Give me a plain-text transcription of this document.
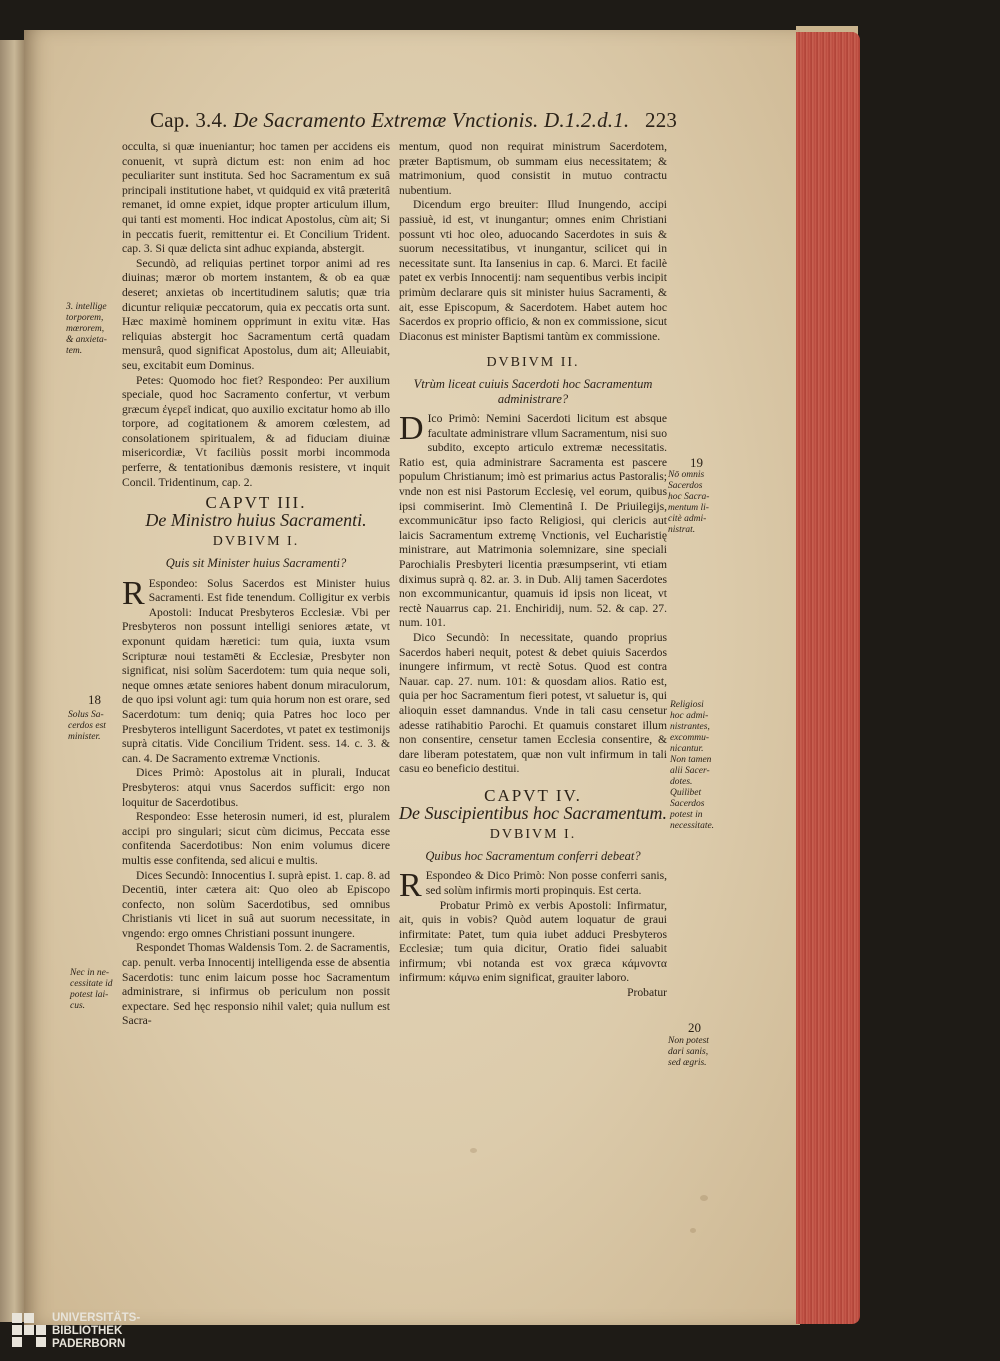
Cap. 3.4. De Sacramento Extremæ Vnctionis. D.1.2.d.1. 223

occulta, si quæ inueniantur; hoc tamen per accidens eis conuenit, vt suprà dictum est: non enim ad hoc peculiariter sunt instituta. Sed hoc Sacramentum ex suâ principali institutione habet, vt quidquid ex vitâ præteritâ remanet, id omne expiet, idque propter articulum illum, qui tanti est momenti. Hoc indicat Apostolus, cùm ait; Si in peccatis fuerit, remittentur ei. Et Concilium Trident. cap. 3. Si quæ delicta sint adhuc expianda, abstergit.

Secundò, ad reliquias pertinet torpor animi ad res diuinas; mæror ob mortem instantem, & ob ea quæ deseret; anxietas ob incertitudinem salutis; quæ tria dicuntur reliquiæ peccatorum, quia ex peccatis orta sunt. Hæc maximè hominem opprimunt in exitu vitæ. Has reliquias abstergit hoc Sacramentum certâ quadam mensurâ, quod significat Apostolus, dum ait; Alleuiabit, seu, excitabit eum Dominus.

Petes: Quomodo hoc fiet? Respondeo: Per auxilium speciale, quod hoc Sacramento confertur, vt verbum græcum ἐγερεῖ indicat, quo auxilio excitatur homo ab illo torpore, ad cogitationem & amorem cœlestem, ad consolationem spiritualem, & ad fiduciam diuinæ misericordiæ, Vt faciliùs possit morbi incommoda perferre, & tentationibus dæmonis resistere, vt inquit Concil. Tridentinum, cap. 2.

CAPVT III.
De Ministro huius Sacramenti.
DVBIVM I.
Quis sit Minister huius Sacramenti?

R Espondeo: Solus Sacerdos est Minister huius Sacramenti. Est fide tenendum. Colligitur ex verbis Apostoli: Inducat Presbyteros Ecclesiæ. Vbi per Presbyteros non possunt intelligi seniores ætate, vt exponunt quidam hæretici: tum quia, iuxta vsum Scripturæ noui testamēti & Ecclesiæ, Presbyter non significat, nisi solùm Sacerdotem: tum quia neque soli, neque omnes ætate seniores habent donum miraculorum, de quo ipsi volunt agi: tum quia horum non est orare, sed Sacerdotum: tum deniq; quia Patres hoc loco per Presbyteros intelligunt Sacerdotes, vt patet ex testimonijs suprà citatis. Vide Concilium Trident. sess. 14. c. 3. & can. 4. De Sacramento extremæ Vnctionis.

Dices Primò: Apostolus ait in plurali, Inducat Presbyteros: atqui vnus Sacerdos sufficit: ergo non loquitur de Sacerdotibus.

Respondeo: Esse heterosin numeri, id est, pluralem accipi pro singulari; sicut cùm dicimus, Peccata esse confitenda Sacerdotibus: Non enim volumus dicere multis esse confitenda, sed alicui e multis.

Dices Secundò: Innocentius I. suprà epist. 1. cap. 8. ad Decentiū, inter cætera ait: Quo oleo ab Episcopo confecto, non solùm Sacerdotibus, sed omnibus Christianis vti licet in suâ aut suorum necessitate, in vngendo: ergo omnes Christiani possunt inungere.

Respondet Thomas Waldensis Tom. 2. de Sacramentis, cap. penult. verba Innocentij intelligenda esse de absentia Sacerdotis: tunc enim laicum posse hoc Sacramentum administrare, si infirmus ob periculum non possit expectare. Sed hęc responsio nihil valet; quia nullum est Sacra-

mentum, quod non requirat ministrum Sacerdotem, præter Baptismum, ob summam eius necessitatem; & matrimonium, quod consistit in mutuo contractu nubentium.

Dicendum ergo breuiter: Illud Inungendo, accipi passiuè, id est, vt inungantur; omnes enim Christiani possunt vti hoc oleo, aduocando Sacerdotes in suis & suorum necessitatibus, vt inungantur, scilicet qui in necessitate sunt. Ita Iansenius in cap. 6. Marci. Et facilè patet ex verbis Innocentij: nam sequentibus verbis incipit primùm declarare quis sit minister huius Sacramenti, & ait, esse Episcopum, & Sacerdotem. Habet autem hoc Sacerdos ex proprio officio, & non ex commissione, sicut Diaconus est minister Baptismi tantùm ex commissione.

DVBIVM II.
Vtrùm liceat cuiuis Sacerdoti hoc Sacramentum administrare?

D Ico Primò: Nemini Sacerdoti licitum est absque facultate administrare vllum Sacramentum, nisi suo subdito, excepto articulo extremæ necessitatis. Ratio est, quia administrare Sacramenta est pascere populum Christianum; imò est primarius actus Pastoralis; vnde non est nisi Pastorum Ecclesię, vel eorum, quibus ipsi commiserint. Imò Clementinâ I. De Priuilegijs, excommunicātur ipso facto Religiosi, qui clericis aut laicis Sacramentum extremę Vnctionis, vel Eucharistię ministrare, aut Matrimonia solemnizare, sine speciali Parochialis Presbyteri licentia præsumpserint, vti etiam diximus suprà q. 82. ar. 3. in Dub. Alij tamen Sacerdotes non excommunicantur, quamuis id ipsis non liceat, vt rectè Nauarrus cap. 21. Enchiridij, num. 52. & cap. 27. num. 101.

Dico Secundò: In necessitate, quando proprius Sacerdos haberi nequit, potest & debet quiuis Sacerdos inungere infirmum, vt rectè Sotus. Quod est contra Nauar. cap. 27. num. 101: & quosdam alios. Ratio est, quia per hoc Sacramentum fieri potest, vt saluetur is, qui alioquin esset damnandus. Vnde in tali casu censetur adesse ratihabitio Parochi. Et quamuis constaret illum non consentire, censetur tamen Ecclesia consentire, & dare liberam potestatem, quæ non vult infirmum in tali casu eo beneficio destitui.

CAPVT IV.
De Suscipientibus hoc Sacramentum.
DVBIVM I.
Quibus hoc Sacramentum conferri debeat?

R Espondeo & Dico Primò: Non posse conferri sanis, sed solùm infirmis morti propinquis. Est certa.

Probatur Primò ex verbis Apostoli: Infirmatur, ait, quis in vobis? Quòd autem loquatur de graui infirmitate: Patet, tum quia iubet adduci Presbyteros Ecclesiæ; tum quia dicitur, Oratio fidei saluabit infirmum; vbi notanda est vox græca κάμνοντα infirmum: κάμνω enim significat, grauiter laboro.

Probatur

3. intellige
torporem,
mœrorem,
& anxieta-
tem.
18
Solus Sa-
cerdos est
minister.
Nec in ne-
cessitate id
potest lai-
cus.
19
Nō omnis
Sacerdos
hoc Sacra-
mentum li-
citè admi-
nistrat.
Religiosi
hoc admi-
nistrantes,
excommu-
nicantur.
Non tamen
alii Sacer-
dotes.
Quilibet
Sacerdos
potest in
necessitate.
20
Non potest
dari sanis,
sed ægris.
UNIVERSITÄTS-
BIBLIOTHEK
PADERBORN
